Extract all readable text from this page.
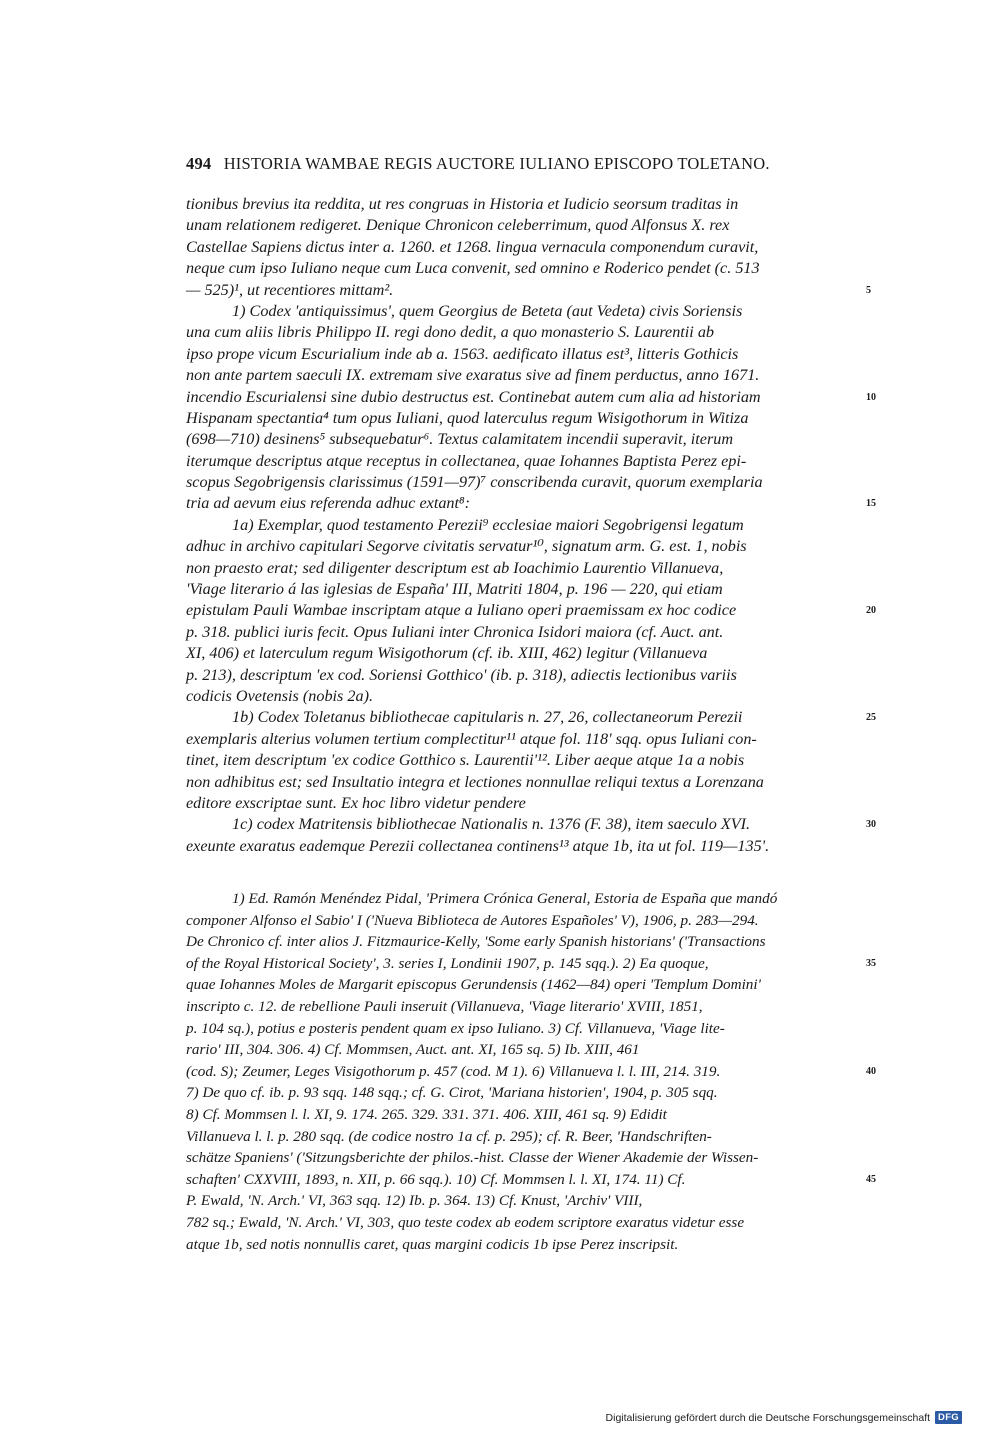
494 HISTORIA WAMBAE REGIS AUCTORE IULIANO EPISCOPO TOLETANO.
tionibus brevius ita reddita, ut res congruas in Historia et Iudicio seorsum traditas in
unam relationem redigeret. Denique Chronicon celeberrimum, quod Alfonsus X. rex
Castellae Sapiens dictus inter a. 1260. et 1268. lingua vernacula componendum curavit,
neque cum ipso Iuliano neque cum Luca convenit, sed omnino e Roderico pendet (c. 513
— 525)¹, ut recentiores mittam².	5
1) Codex 'antiquissimus', quem Georgius de Beteta (aut Vedeta) civis Soriensis
una cum aliis libris Philippo II. regi dono dedit, a quo monasterio S. Laurentii ab
ipso prope vicum Escurialium inde ab a. 1563. aedificato illatus est³, litteris Gothicis
non ante partem saeculi IX. extremam sive exaratus sive ad finem perductus, anno 1671.
incendio Escurialensi sine dubio destructus est. Continebat autem cum alia ad historiam	10
Hispanam spectantia⁴ tum opus Iuliani, quod laterculus regum Wisigothorum in Witiza
(698—710) desinens⁵ subsequebatur⁶. Textus calamitatem incendii superavit, iterum
iterumque descriptus atque receptus in collectanea, quae Iohannes Baptista Perez epi-
scopus Segobrigensis clarissimus (1591—97)⁷ conscribenda curavit, quorum exemplaria
tria ad aevum eius referenda adhuc extant⁸:	15
1a) Exemplar, quod testamento Perezii⁹ ecclesiae maiori Segobrigensi legatum
adhuc in archivo capitulari Segorve civitatis servatur¹⁰, signatum arm. G. est. 1, nobis
non praesto erat; sed diligenter descriptum est ab Ioachimio Laurentio Villanueva,
'Viage literario á las iglesias de España' III, Matriti 1804, p. 196 — 220, qui etiam
epistulam Pauli Wambae inscriptam atque a Iuliano operi praemissam ex hoc codice	20
p. 318. publici iuris fecit. Opus Iuliani inter Chronica Isidori maiora (cf. Auct. ant.
XI, 406) et laterculum regum Wisigothorum (cf. ib. XIII, 462) legitur (Villanueva
p. 213), descriptum 'ex cod. Soriensi Gotthico' (ib. p. 318), adiectis lectionibus variis
codicis Ovetensis (nobis 2a).
1b) Codex Toletanus bibliothecae capitularis n. 27, 26, collectaneorum Perezii	25
exemplaris alterius volumen tertium complectitur¹¹ atque fol. 118' sqq. opus Iuliani con-
tinet, item descriptum 'ex codice Gotthico s. Laurentii'¹². Liber aeque atque 1a a nobis
non adhibitus est; sed Insultatio integra et lectiones nonnullae reliqui textus a Lorenzana
editore exscriptae sunt. Ex hoc libro videtur pendere
1c) codex Matritensis bibliothecae Nationalis n. 1376 (F. 38), item saeculo XVI.	30
exeunte exaratus eademque Perezii collectanea continens¹³ atque 1b, ita ut fol. 119—135'.
1) Ed. Ramón Menéndez Pidal, 'Primera Crónica General, Estoria de España que mandó
componer Alfonso el Sabio' I ('Nueva Biblioteca de Autores Españoles' V), 1906, p. 283—294.
De Chronico cf. inter alios J. Fitzmaurice-Kelly, 'Some early Spanish historians' ('Transactions
of the Royal Historical Society', 3. series I, Londinii 1907, p. 145 sqq.). 2) Ea quoque,	35
quae Iohannes Moles de Margarit episcopus Gerundensis (1462—84) operi 'Templum Domini'
inscripto c. 12. de rebellione Pauli inseruit (Villanueva, 'Viage literario' XVIII, 1851,
p. 104 sq.), potius e posteris pendent quam ex ipso Iuliano. 3) Cf. Villanueva, 'Viage lite-
rario' III, 304. 306. 4) Cf. Mommsen, Auct. ant. XI, 165 sq. 5) Ib. XIII, 461
(cod. S); Zeumer, Leges Visigothorum p. 457 (cod. M 1). 6) Villanueva l. l. III, 214. 319.	40
7) De quo cf. ib. p. 93 sqq. 148 sqq.; cf. G. Cirot, 'Mariana historien', 1904, p. 305 sqq.
8) Cf. Mommsen l. l. XI, 9. 174. 265. 329. 331. 371. 406. XIII, 461 sq. 9) Edidit
Villanueva l. l. p. 280 sqq. (de codice nostro 1a cf. p. 295); cf. R. Beer, 'Handschriften-
schätze Spaniens' ('Sitzungsberichte der philos.-hist. Classe der Wiener Akademie der Wissen-
schaften' CXXVIII, 1893, n. XII, p. 66 sqq.). 10) Cf. Mommsen l. l. XI, 174. 11) Cf.	45
P. Ewald, 'N. Arch.' VI, 363 sqq. 12) Ib. p. 364. 13) Cf. Knust, 'Archiv' VIII,
782 sq.; Ewald, 'N. Arch.' VI, 303, quo teste codex ab eodem scriptore exaratus videtur esse
atque 1b, sed notis nonnullis caret, quas margini codicis 1b ipse Perez inscripsit.
Digitalisierung gefördert durch die Deutsche Forschungsgemeinschaft DFG
